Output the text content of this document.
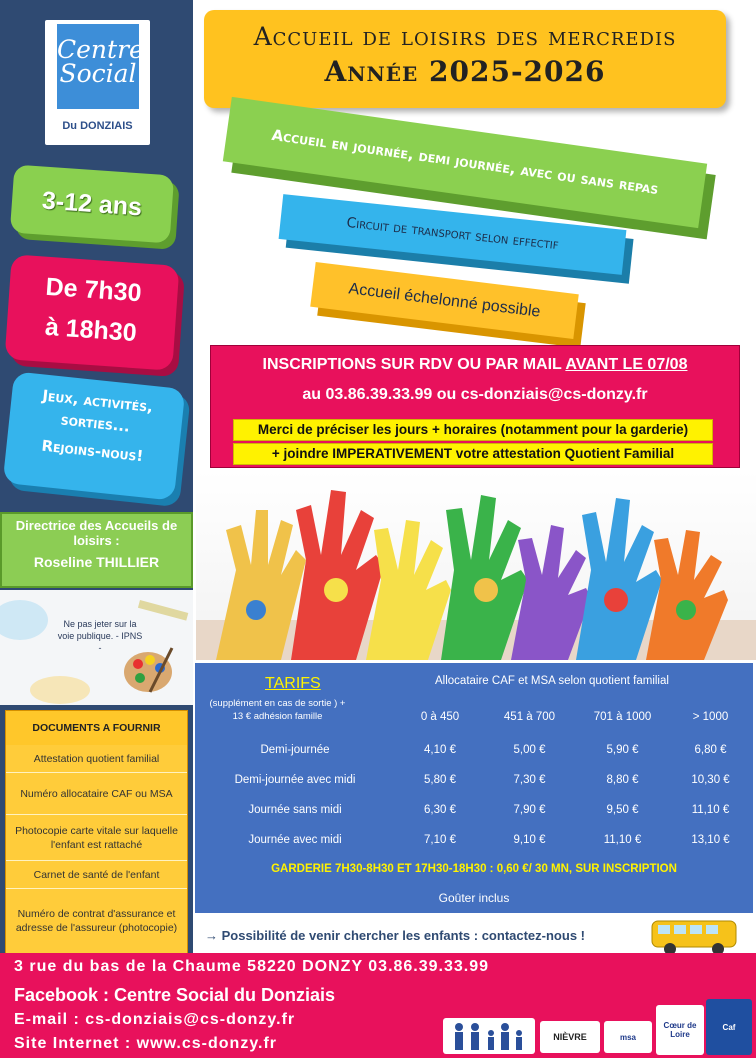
Centre
Social
Du DONZIAIS
3-12 ans
De 7h30
à 18h30
Jeux, activités,
sorties...
Rejoins-nous!
Directrice des Accueils de loisirs :
Roseline THILLIER
Ne pas jeter sur la voie publique. - IPNS -
DOCUMENTS A FOURNIR
Attestation quotient familial
Numéro allocataire CAF ou MSA
Photocopie carte vitale sur laquelle l'enfant est rattaché
Carnet de santé de l'enfant
Numéro de contrat d'assurance et adresse de l'assureur (photocopie)
Accueil de loisirs des mercredis
Année 2025-2026
Accueil en journée, demi journée, avec ou sans repas
Circuit de transport selon effectif
Accueil échelonné possible
INSCRIPTIONS SUR RDV OU PAR MAIL AVANT LE 07/08
au 03.86.39.33.99 ou cs-donziais@cs-donzy.fr
Merci de préciser les jours + horaires (notamment pour la garderie)
+ joindre IMPERATIVEMENT votre attestation Quotient Familial
TARIFS
(supplément en cas de sortie ) + 13 € adhésion famille
Allocataire CAF et MSA selon quotient familial
0 à 450	451 à 700	701 à 1000	> 1000
Demi-journée	4,10 €	5,00 €	5,90 €	6,80 €
Demi-journée avec midi	5,80 €	7,30 €	8,80 €	10,30 €
Journée sans midi	6,30 €	7,90 €	9,50 €	11,10 €
Journée avec midi	7,10 €	9,10 €	11,10 €	13,10 €
GARDERIE 7H30-8H30 ET 17H30-18H30 : 0,60 €/ 30 MN, SUR INSCRIPTION
Goûter inclus
→ Possibilité de venir chercher les enfants : contactez-nous !
3 rue du bas de la Chaume 58220 DONZY 03.86.39.33.99
Facebook : Centre Social du Donziais
E-mail : cs-donziais@cs-donzy.fr
Site Internet : www.cs-donzy.fr	NIÈVRE	msa
Cœur de Loire
Caf
